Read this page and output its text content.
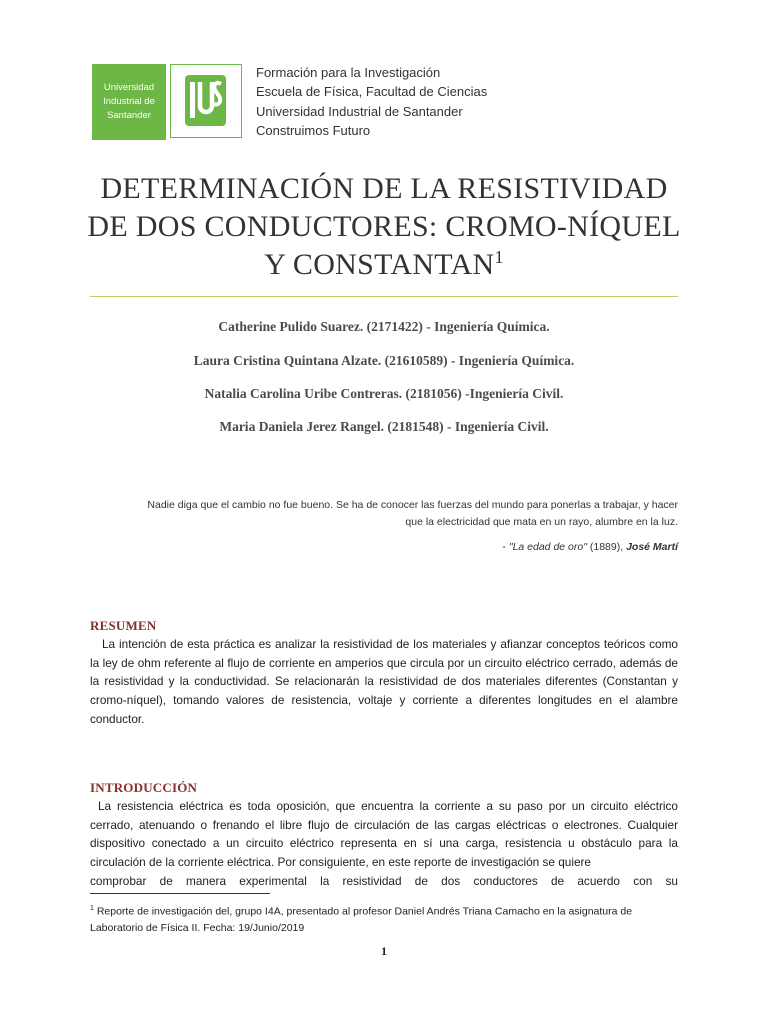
Universidad
Industrial de
Santander
Formación para la Investigación
Escuela de Física, Facultad de Ciencias
Universidad Industrial de Santander
Construimos Futuro
DETERMINACIÓN DE LA RESISTIVIDAD
DE DOS CONDUCTORES: CROMO-NÍQUEL
Y CONSTANTAN$^1$
Catherine Pulido Suarez. (2171422) - Ingeniería Química.
Laura Cristina Quintana Alzate. (21610589) - Ingeniería Química.
Natalia Carolina Uribe Contreras. (2181056) -Ingeniería Civil.
Maria Daniela Jerez Rangel. (2181548) - Ingeniería Civil.
Nadie diga que el cambio no fue bueno. Se ha de conocer las fuerzas del mundo para ponerlas a trabajar, y hacer
que la electricidad que mata en un rayo, alumbre en la luz.
- "La edad de oro" (1889), José Martí
RESUMEN
La intención de esta práctica es analizar la resistividad de los materiales y afianzar conceptos teóricos como la ley de ohm referente al flujo de corriente en amperios que circula por un circuito eléctrico cerrado, además de la resistividad y la conductividad. Se relacionarán la resistividad de dos materiales diferentes (Constantan y cromo-níquel), tomando valores de resistencia, voltaje y corriente a diferentes longitudes en el alambre conductor.
INTRODUCCIÓN
La resistencia eléctrica es toda oposición, que encuentra la corriente a su paso por un circuito eléctrico cerrado, atenuando o frenando el libre flujo de circulación de las cargas eléctricas o electrones. Cualquier dispositivo conectado a un circuito eléctrico representa en sí una carga, resistencia u obstáculo para la circulación de la corriente eléctrica. Por consiguiente, en este reporte de investigación se quiere
comprobar de manera experimental la resistividad de dos conductores de acuerdo con su
$^1$ Reporte de investigación del, grupo I4A, presentado al profesor Daniel Andrés Triana Camacho en la asignatura de Laboratorio de Física II. Fecha: 19/Junio/2019
1
